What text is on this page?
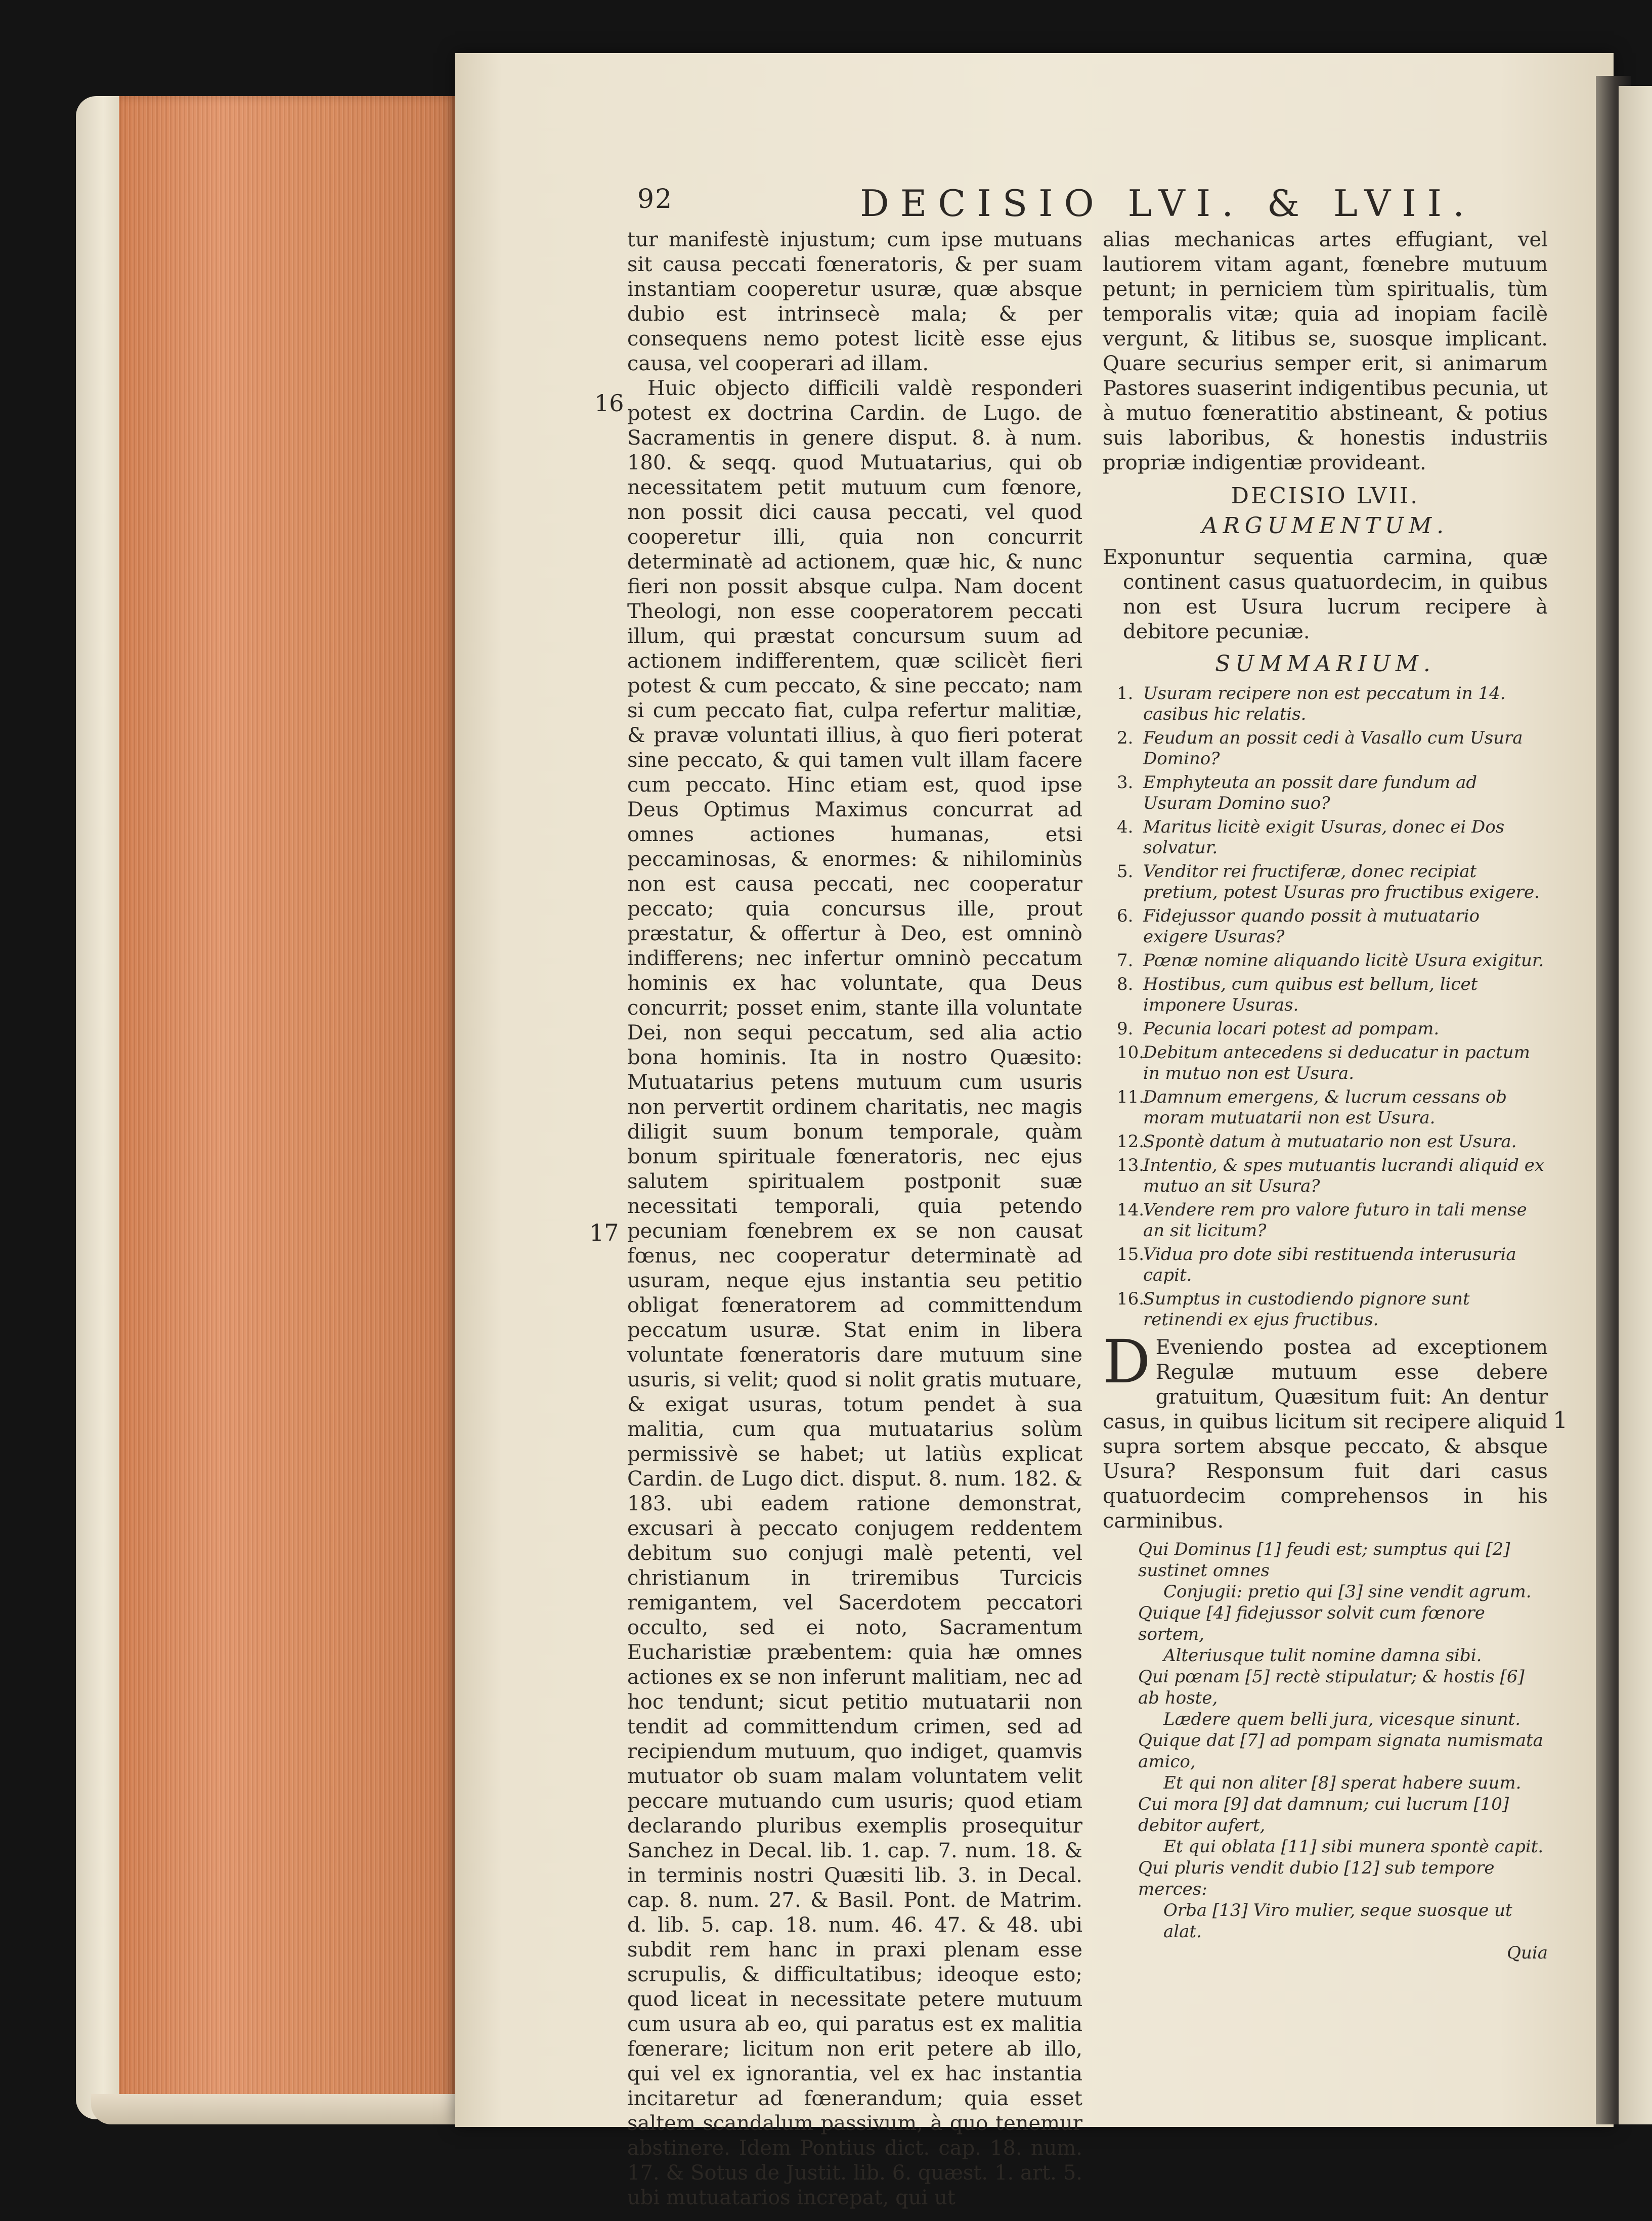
92	DECISIO LVI. & LVII.
16
17
1

tur manifestè injustum; cum ipse mutuans sit causa peccati fœneratoris, & per suam instantiam cooperetur usuræ, quæ absque dubio est intrinsecè mala; & per consequens nemo potest licitè esse ejus causa, vel cooperari ad illam.

Huic objecto difficili valdè responderi potest ex doctrina Cardin. de Lugo. de Sacramentis in genere disput. 8. à num. 180. & seqq. quod Mutuatarius, qui ob necessitatem petit mutuum cum fœnore, non possit dici causa peccati, vel quod cooperetur illi, quia non concurrit determinatè ad actionem, quæ hic, & nunc fieri non possit absque culpa. Nam docent Theologi, non esse cooperatorem peccati illum, qui præstat concursum suum ad actionem indifferentem, quæ scilicèt fieri potest & cum peccato, & sine peccato; nam si cum peccato fiat, culpa refertur malitiæ, & pravæ voluntati illius, à quo fieri poterat sine peccato, & qui tamen vult illam facere cum peccato. Hinc etiam est, quod ipse Deus Optimus Maximus concurrat ad omnes actiones humanas, etsi peccaminosas, & enormes: & nihilominùs non est causa peccati, nec cooperatur peccato; quia concursus ille, prout præstatur, & offertur à Deo, est omninò indifferens; nec infertur omninò peccatum hominis ex hac voluntate, qua Deus concurrit; posset enim, stante illa voluntate Dei, non sequi peccatum, sed alia actio bona hominis. Ita in nostro Quæsito: Mutuatarius petens mutuum cum usuris non pervertit ordinem charitatis, nec magis diligit suum bonum temporale, quàm bonum spirituale fœneratoris, nec ejus salutem spiritualem postponit suæ necessitati temporali, quia petendo pecuniam fœnebrem ex se non causat fœnus, nec cooperatur determinatè ad usuram, neque ejus instantia seu petitio obligat fœneratorem ad committendum peccatum usuræ. Stat enim in libera voluntate fœneratoris dare mutuum sine usuris, si velit; quod si nolit gratis mutuare, & exigat usuras, totum pendet à sua malitia, cum qua mutuatarius solùm permissivè se habet; ut latiùs explicat Cardin. de Lugo dict. disput. 8. num. 182. & 183. ubi eadem ratione demonstrat, excusari à peccato conjugem reddentem debitum suo conjugi malè petenti, vel christianum in triremibus Turcicis remigantem, vel Sacerdotem peccatori occulto, sed ei noto, Sacramentum Eucharistiæ præbentem: quia hæ omnes actiones ex se non inferunt malitiam, nec ad hoc tendunt; sicut petitio mutuatarii non tendit ad committendum crimen, sed ad recipiendum mutuum, quo indiget, quamvis mutuator ob suam malam voluntatem velit peccare mutuando cum usuris; quod etiam declarando pluribus exemplis prosequitur Sanchez in Decal. lib. 1. cap. 7. num. 18. & in terminis nostri Quæsiti lib. 3. in Decal. cap. 8. num. 27. & Basil. Pont. de Matrim. d. lib. 5. cap. 18. num. 46. 47. & 48. ubi subdit rem hanc in praxi plenam esse scrupulis, & difficultatibus; ideoque esto; quod liceat in necessitate petere mutuum cum usura ab eo, qui paratus est ex malitia fœnerare; licitum non erit petere ab illo, qui vel ex ignorantia, vel ex hac instantia incitaretur ad fœnerandum; quia esset saltem scandalum passivum, à quo tenemur abstinere. Idem Pontius dict. cap. 18. num. 17. & Sotus de Justit. lib. 6. quæst. 1. art. 5. ubi mutuatarios increpat, qui ut

alias mechanicas artes effugiant, vel lautiorem vitam agant, fœnebre mutuum petunt; in perniciem tùm spiritualis, tùm temporalis vitæ; quia ad inopiam facilè vergunt, & litibus se, suosque implicant. Quare securius semper erit, si animarum Pastores suaserint indigentibus pecunia, ut à mutuo fœneratitio abstineant, & potius suis laboribus, & honestis industriis propriæ indigentiæ provideant.

DECISIO LVII.
ARGUMENTUM.

Exponuntur sequentia carmina, quæ continent casus quatuordecim, in quibus non est Usura lucrum recipere à debitore pecuniæ.

SUMMARIUM.
1. Usuram recipere non est peccatum in 14. casibus hic relatis.
2. Feudum an possit cedi à Vasallo cum Usura Domino?
3. Emphyteuta an possit dare fundum ad Usuram Domino suo?
4. Maritus licitè exigit Usuras, donec ei Dos solvatur.
5. Venditor rei fructiferæ, donec recipiat pretium, potest Usuras pro fructibus exigere.
6. Fidejussor quando possit à mutuatario exigere Usuras?
7. Pœnæ nomine aliquando licitè Usura exigitur.
8. Hostibus, cum quibus est bellum, licet imponere Usuras.
9. Pecunia locari potest ad pompam.
10.
Debitum antecedens si deducatur in pactum in mutuo non est Usura.
11.
Damnum emergens, & lucrum cessans ob moram mutuatarii non est Usura.
12.
Spontè datum à mutuatario non est Usura.
13.
Intentio, & spes mutuantis lucrandi aliquid ex mutuo an sit Usura?
14.
Vendere rem pro valore futuro in tali mense an sit licitum?
15.
Vidua pro dote sibi restituenda interusuria capit.
16.
Sumptus in custodiendo pignore sunt retinendi ex ejus fructibus.
D Eveniendo postea ad exceptionem Regulæ mutuum esse debere gratuitum, Quæsitum fuit: An dentur casus, in quibus licitum sit recipere aliquid supra sortem absque peccato, & absque Usura? Responsum fuit dari casus quatuordecim comprehensos in his carminibus.

Qui Dominus [1] feudi est; sumptus qui [2] sustinet omnes
Conjugii: pretio qui [3] sine vendit agrum.
Quique [4] fidejussor solvit cum fœnore sortem,
Alteriusque tulit nomine damna sibi.
Qui pœnam [5] rectè stipulatur; & hostis [6] ab hoste,
Lædere quem belli jura, vicesque sinunt.
Quique dat [7] ad pompam signata numismata amico,
Et qui non aliter [8] sperat habere suum.
Cui mora [9] dat damnum; cui lucrum [10] debitor aufert,
Et qui oblata [11] sibi munera spontè capit.
Qui pluris vendit dubio [12] sub tempore merces:
Orba [13] Viro mulier, seque suosque ut alat.
Quia
